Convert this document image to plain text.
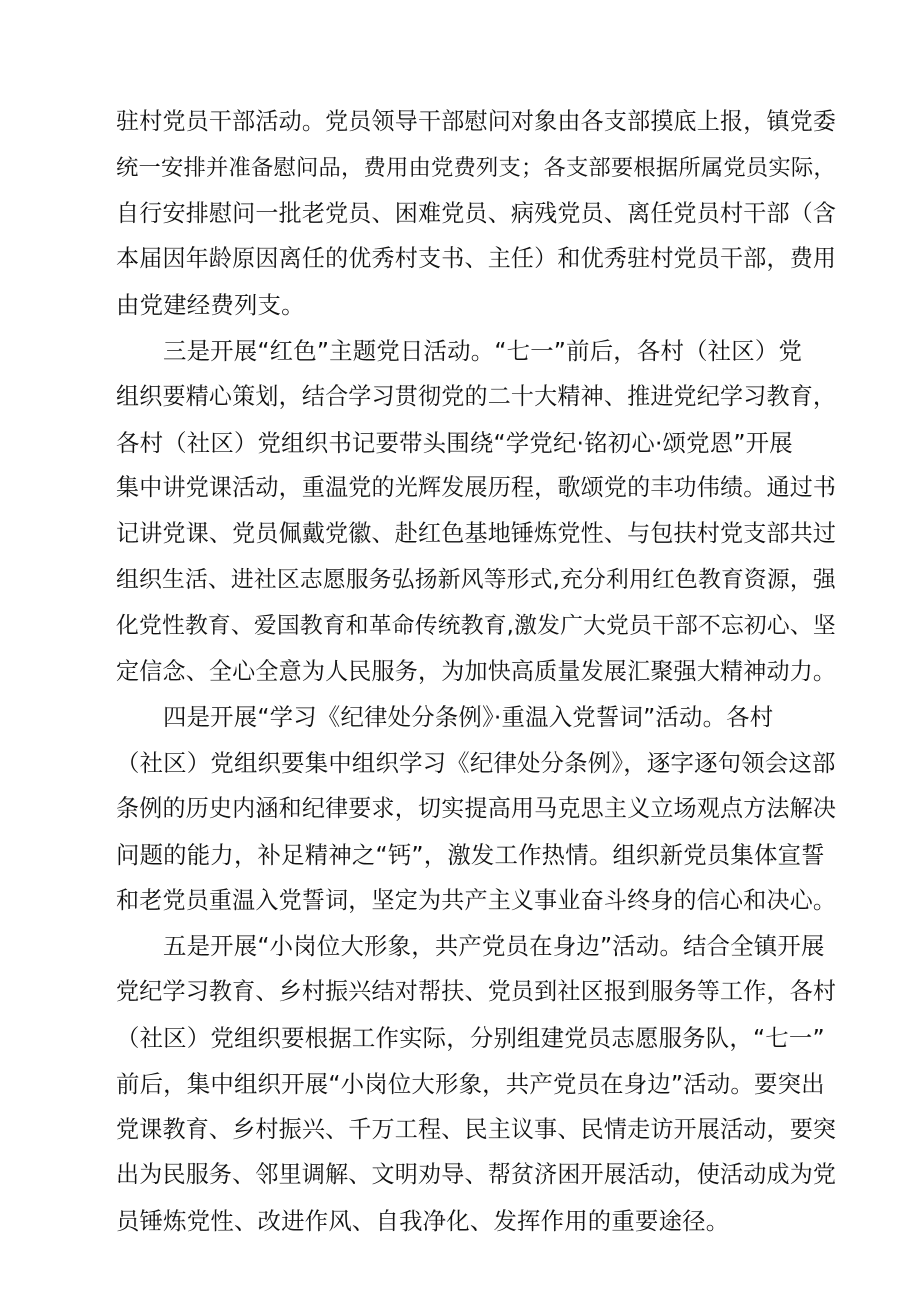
驻村党员干部活动。党员领导干部慰问对象由各支部摸底上报，镇党委
统一安排并准备慰问品，费用由党费列支；各支部要根据所属党员实际，
自行安排慰问一批老党员、困难党员、病残党员、离任党员村干部（含
本届因年龄原因离任的优秀村支书、主任）和优秀驻村党员干部，费用
由党建经费列支。
三是开展“红色”主题党日活动。“七一”前后，各村（社区）党
组织要精心策划，结合学习贯彻党的二十大精神、推进党纪学习教育，
各村（社区）党组织书记要带头围绕“学党纪·铭初心·颂党恩”开展
集中讲党课活动，重温党的光辉发展历程，歌颂党的丰功伟绩。通过书
记讲党课、党员佩戴党徽、赴红色基地锤炼党性、与包扶村党支部共过
组织生活、进社区志愿服务弘扬新风等形式,充分利用红色教育资源，强
化党性教育、爱国教育和革命传统教育,激发广大党员干部不忘初心、坚
定信念、全心全意为人民服务，为加快高质量发展汇聚强大精神动力。
四是开展“学习《纪律处分条例》·重温入党誓词”活动。各村
（社区）党组织要集中组织学习《纪律处分条例》，逐字逐句领会这部
条例的历史内涵和纪律要求，切实提高用马克思主义立场观点方法解决
问题的能力，补足精神之“钙”，激发工作热情。组织新党员集体宣誓
和老党员重温入党誓词，坚定为共产主义事业奋斗终身的信心和决心。
五是开展“小岗位大形象，共产党员在身边”活动。结合全镇开展
党纪学习教育、乡村振兴结对帮扶、党员到社区报到服务等工作，各村
（社区）党组织要根据工作实际，分别组建党员志愿服务队，“七一”
前后，集中组织开展“小岗位大形象，共产党员在身边”活动。要突出
党课教育、乡村振兴、千万工程、民主议事、民情走访开展活动，要突
出为民服务、邻里调解、文明劝导、帮贫济困开展活动，使活动成为党
员锤炼党性、改进作风、自我净化、发挥作用的重要途径。
